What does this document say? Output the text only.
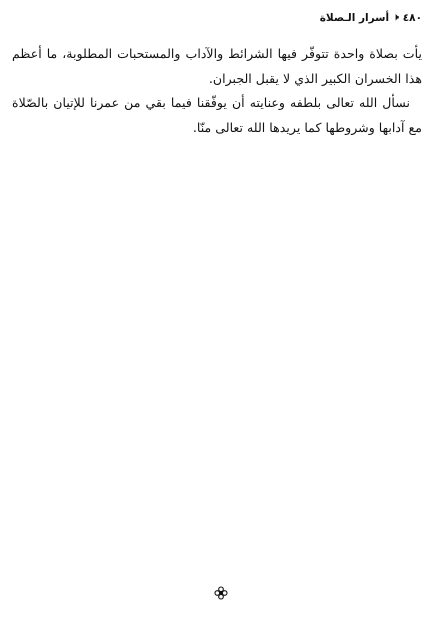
٤٨٠
🕨
أسرار الـصلاة

يأت بصلاة واحدة تتوفّر فيها الشرائط والآداب والمستحبات المطلوبة، ما أعظم هذا الخسران الكبير الذي لا يقبل الجبران.

نسأل الله تعالى بلطفه وعنايته أن يوفّقنا فيما بقي من عمرنا للإتيان بالصّلاة مع آدابها وشروطها كما يريدها الله تعالى منّا.
